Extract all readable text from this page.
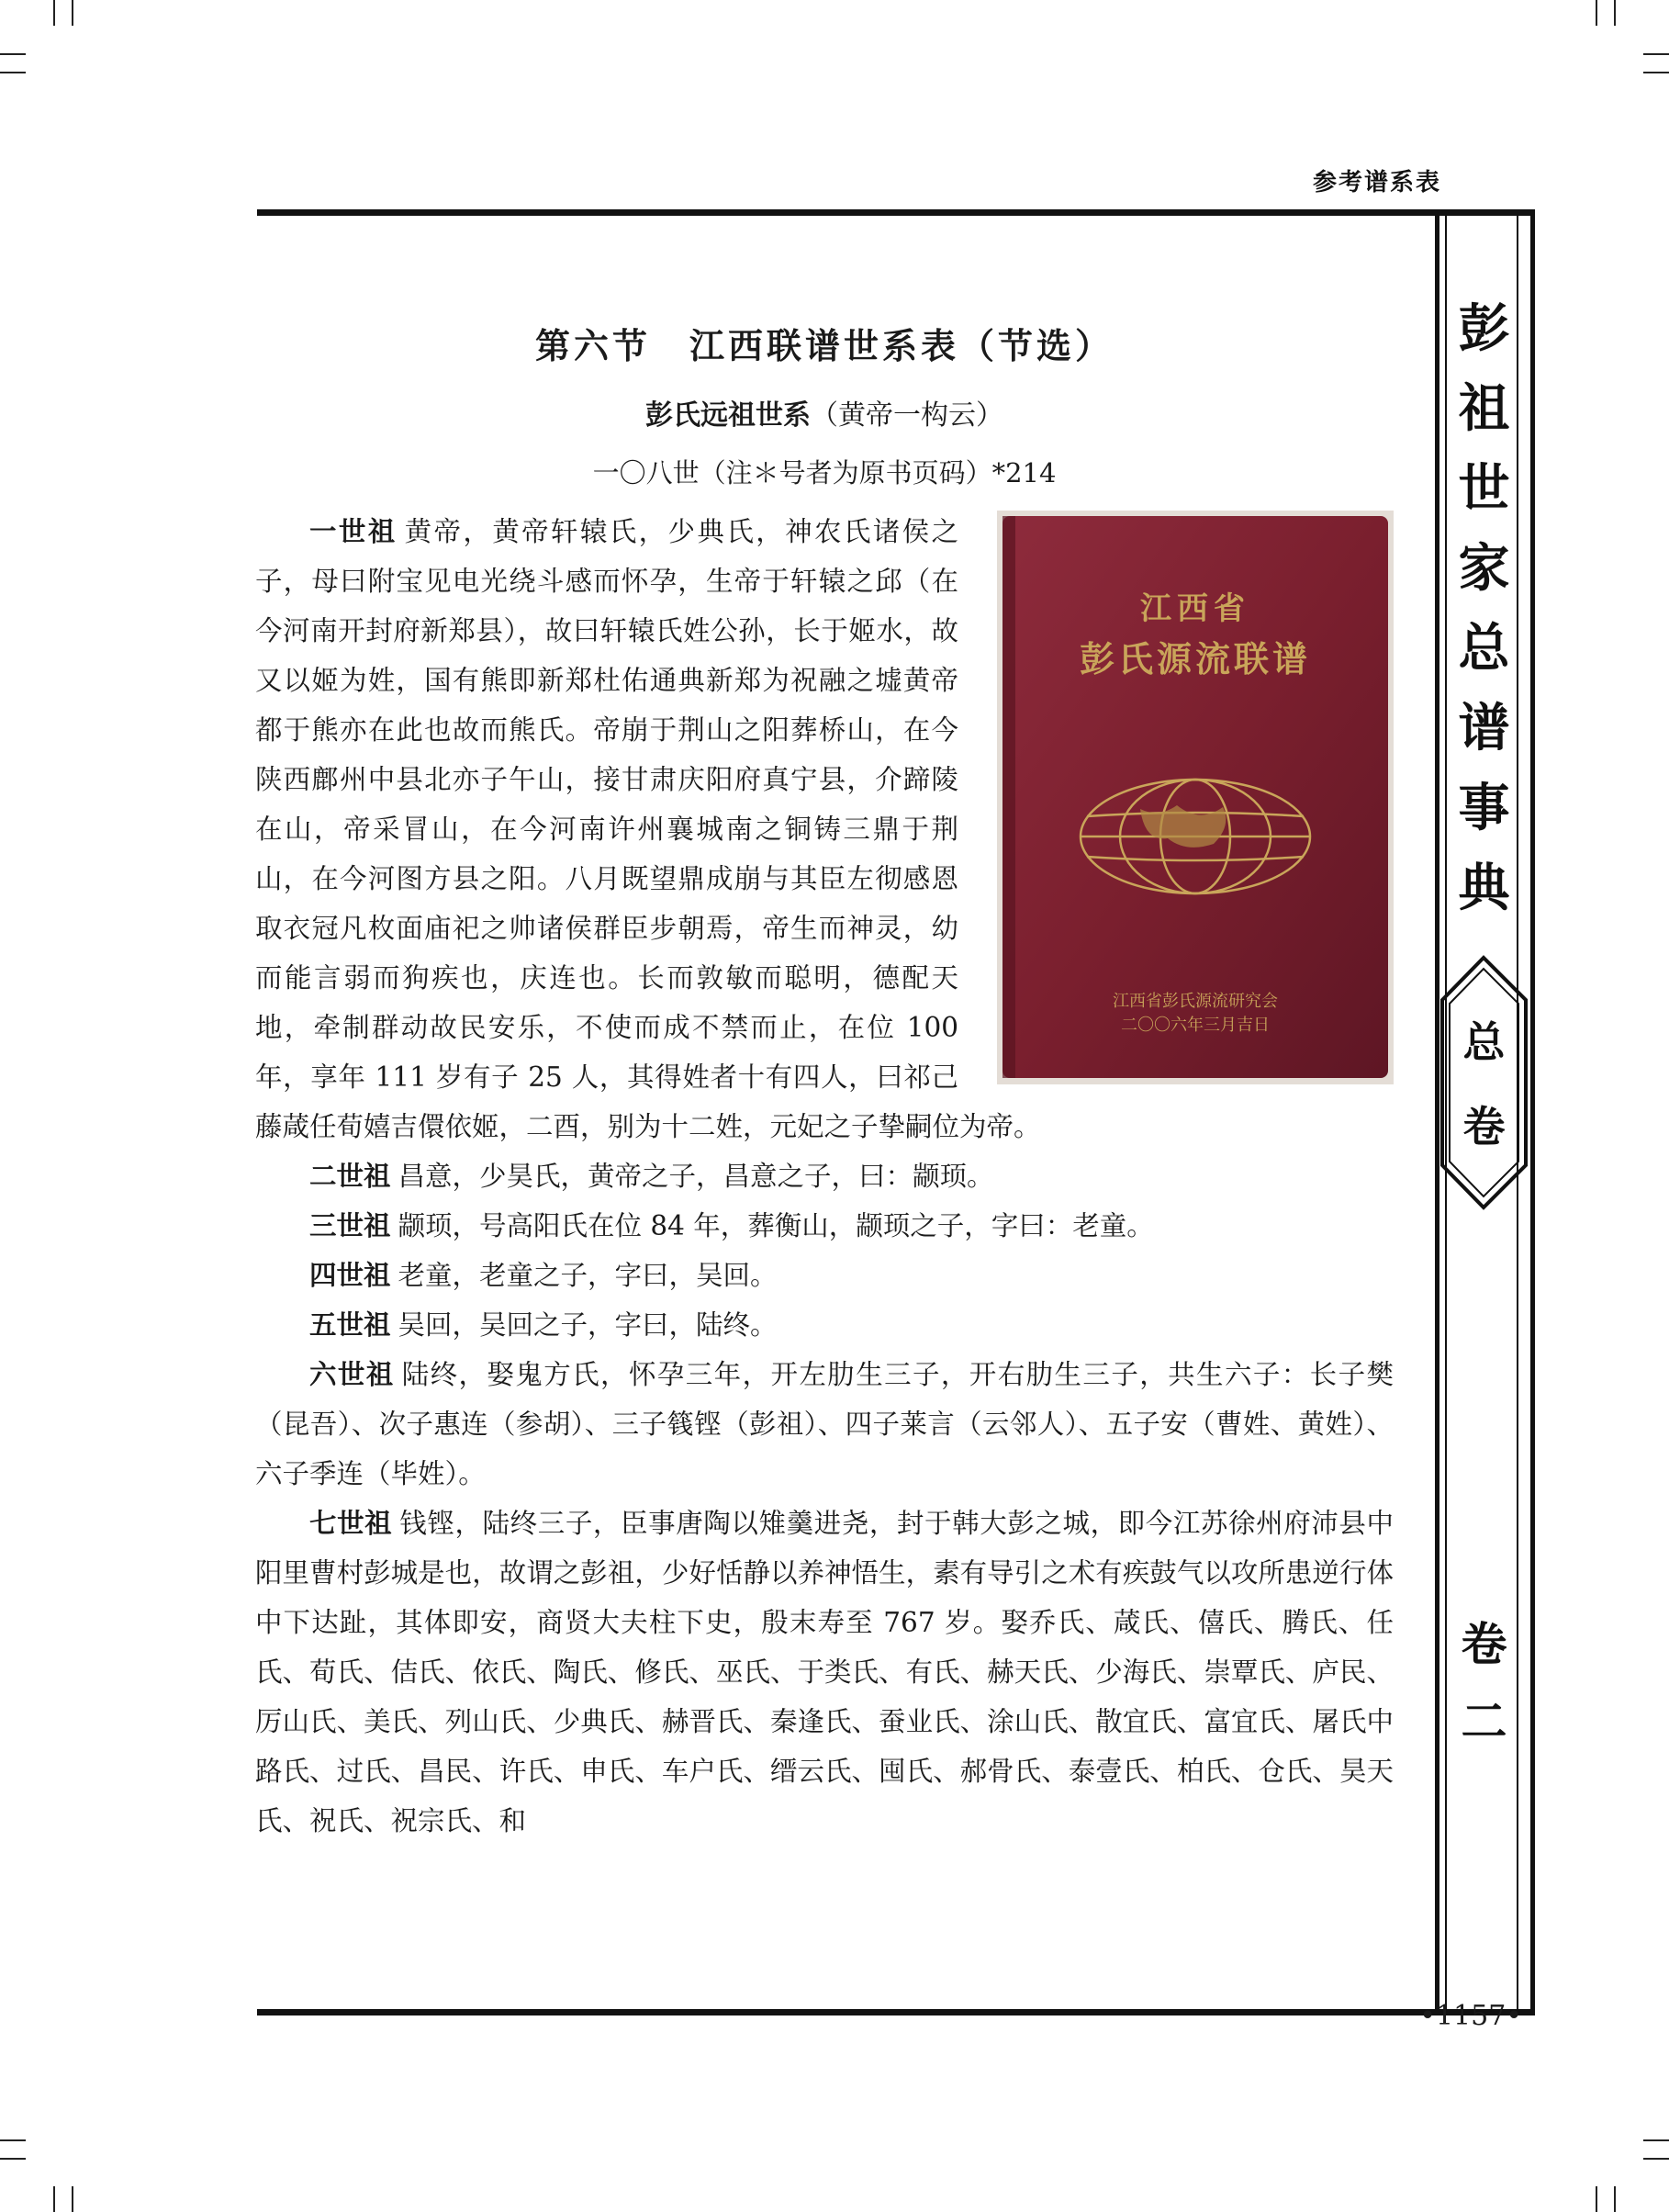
参考谱系表
彭
祖
世
家
总
谱
事
典
总
卷
卷
二
第六节　江西联谱世系表（节选）
彭氏远祖世系（黄帝一构云）
一〇八世（注＊号者为原书页码）*214
江西省
彭氏源流联谱
江西省彭氏源流研究会
二〇〇六年三月吉日

一世祖 黄帝，黄帝轩辕氏，少典氏，神农氏诸侯之子，母曰附宝见电光绕斗感而怀孕，生帝于轩辕之邱（在今河南开封府新郑县），故曰轩辕氏姓公孙，长于姬水，故又以姬为姓，国有熊即新郑杜佑通典新郑为祝融之墟黄帝都于熊亦在此也故而熊氏。帝崩于荆山之阳葬桥山，在今陕西鄜州中县北亦子午山，接甘肃庆阳府真宁县，介蹄陵在山，帝采冒山，在今河南许州襄城南之铜铸三鼎于荆山，在今河图方县之阳。八月既望鼎成崩与其臣左彻感恩取衣冠凡枚面庙祀之帅诸侯群臣步朝焉，帝生而神灵，幼而能言弱而狗疾也，庆连也。长而敦敏而聪明，德配天地，牵制群动故民安乐，不使而成不禁而止，在位 100 年，享年 111 岁有子 25 人，其得姓者十有四人，曰祁己藤葴任荀嬉吉儇依姬，二酉，别为十二姓，元妃之子挚嗣位为帝。

二世祖 昌意，少昊氏，黄帝之子，昌意之子，曰：颛顼。

三世祖 颛顼，号高阳氏在位 84 年，葬衡山，颛顼之子，字曰：老童。

四世祖 老童，老童之子，字曰，吴回。

五世祖 吴回，吴回之子，字曰，陆终。

六世祖 陆终，娶鬼方氏，怀孕三年，开左肋生三子，开右肋生三子，共生六子：长子樊（昆吾）、次子惠连（参胡）、三子篯铿（彭祖）、四子莱言（云邻人）、五子安（曹姓、黄姓）、六子季连（毕姓）。

七世祖 钱铿，陆终三子，臣事唐陶以雉羹进尧，封于韩大彭之城，即今江苏徐州府沛县中阳里曹村彭城是也，故谓之彭祖，少好恬静以养神悟生，素有导引之术有疾鼓气以攻所患逆行体中下达趾，其体即安，商贤大夫柱下史，殷末寿至 767 岁。娶乔氏、葴氏、僖氏、腾氏、任氏、荀氏、佶氏、依氏、陶氏、修氏、巫氏、于类氏、有氏、赫天氏、少海氏、崇覃氏、庐民、厉山氏、美氏、列山氏、少典氏、赫晋氏、秦逢氏、蚕业氏、涂山氏、散宜氏、富宜氏、屠氏中路氏、过氏、昌民、许氏、申氏、车户氏、缙云氏、囤氏、郝骨氏、泰壹氏、柏氏、仓氏、昊天氏、祝氏、祝宗氏、和

•1157•
